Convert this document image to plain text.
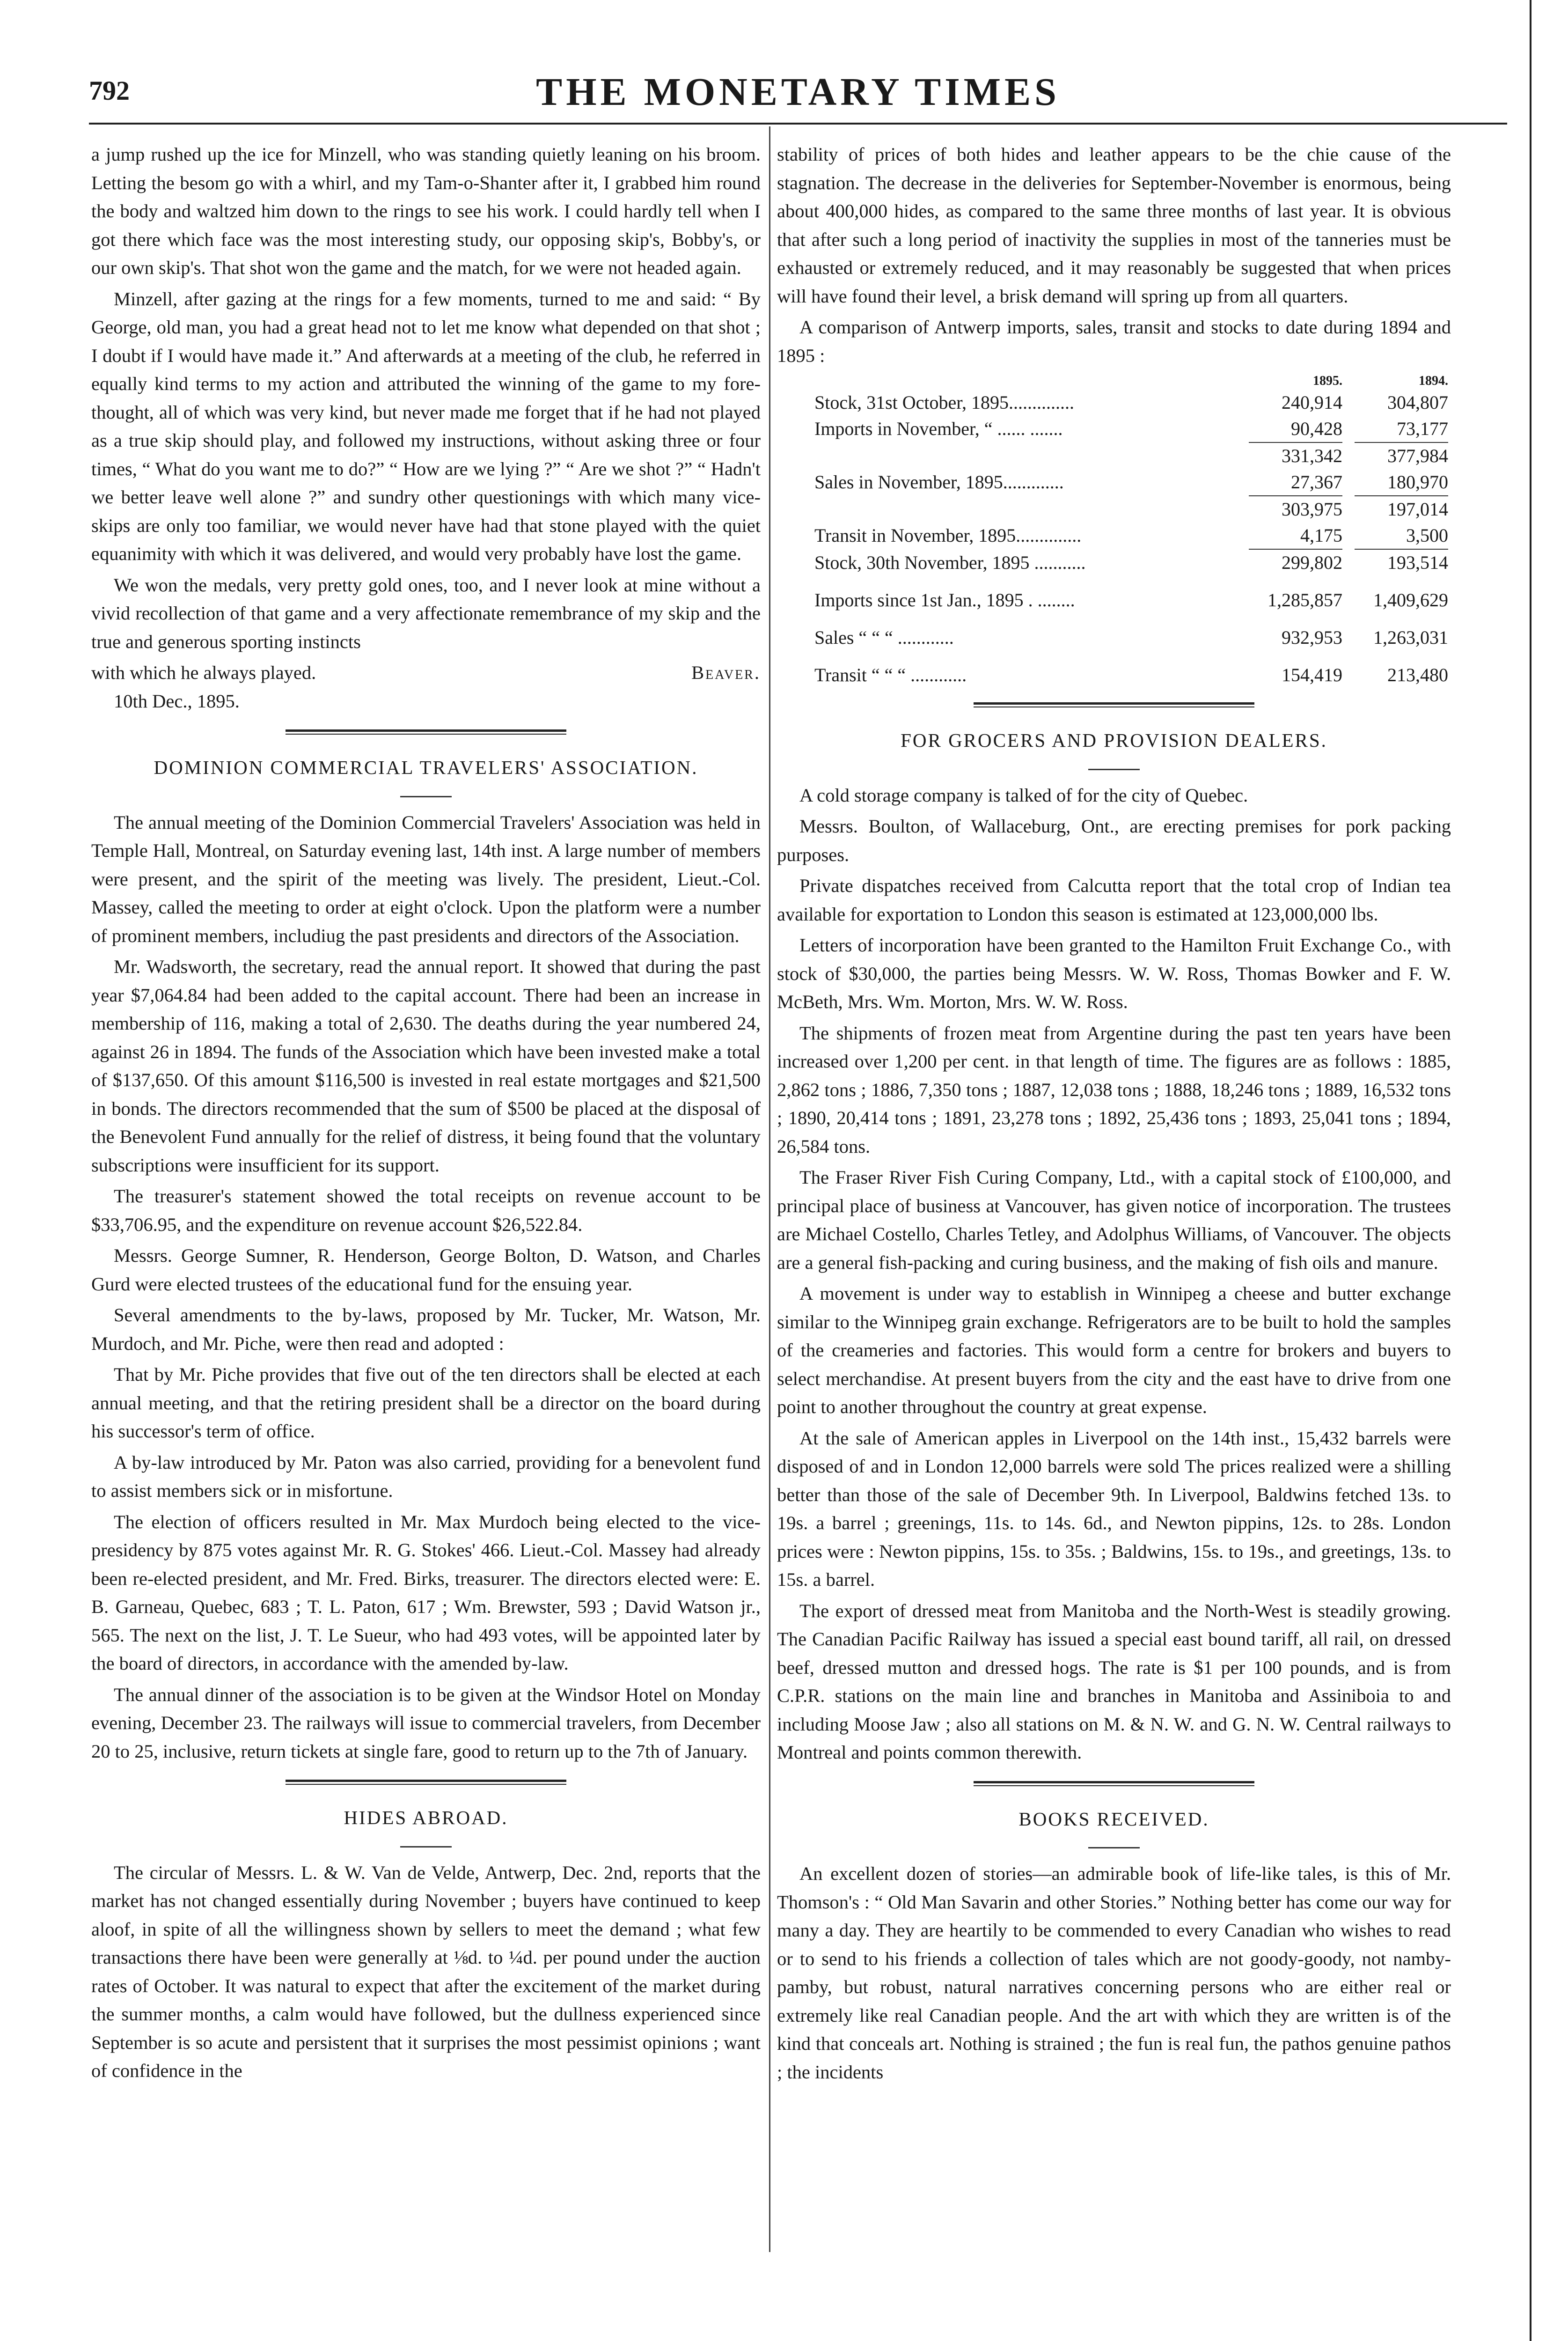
792	THE MONETARY TIMES

a jump rushed up the ice for Minzell, who was standing quietly leaning on his broom. Letting the besom go with a whirl, and my Tam-o-Shanter after it, I grabbed him round the body and waltzed him down to the rings to see his work. I could hardly tell when I got there which face was the most interesting study, our opposing skip's, Bobby's, or our own skip's. That shot won the game and the match, for we were not headed again.

Minzell, after gazing at the rings for a few moments, turned to me and said: “ By George, old man, you had a great head not to let me know what depended on that shot ; I doubt if I would have made it.” And afterwards at a meeting of the club, he referred in equally kind terms to my action and attributed the winning of the game to my fore-thought, all of which was very kind, but never made me forget that if he had not played as a true skip should play, and followed my instructions, without asking three or four times, “ What do you want me to do?” “ How are we lying ?” “ Are we shot ?” “ Hadn't we better leave well alone ?” and sundry other questionings with which many vice-skips are only too familiar, we would never have had that stone played with the quiet equanimity with which it was delivered, and would very probably have lost the game.

We won the medals, very pretty gold ones, too, and I never look at mine without a vivid recollection of that game and a very affectionate remembrance of my skip and the true and generous sporting instincts

with which he always played.	Beaver.

10th Dec., 1895.

DOMINION COMMERCIAL TRAVELERS' ASSOCIATION.

The annual meeting of the Dominion Commercial Travelers' Association was held in Temple Hall, Montreal, on Saturday evening last, 14th inst. A large number of members were present, and the spirit of the meeting was lively. The president, Lieut.-Col. Massey, called the meeting to order at eight o'clock. Upon the platform were a number of prominent members, includiug the past presidents and directors of the Association.

Mr. Wadsworth, the secretary, read the annual report. It showed that during the past year $7,064.84 had been added to the capital account. There had been an increase in membership of 116, making a total of 2,630. The deaths during the year numbered 24, against 26 in 1894. The funds of the Association which have been invested make a total of $137,650. Of this amount $116,500 is invested in real estate mortgages and $21,500 in bonds. The directors recommended that the sum of $500 be placed at the disposal of the Benevolent Fund annually for the relief of distress, it being found that the voluntary subscriptions were insufficient for its support.

The treasurer's statement showed the total receipts on revenue account to be $33,706.95, and the expenditure on revenue account $26,522.84.

Messrs. George Sumner, R. Henderson, George Bolton, D. Watson, and Charles Gurd were elected trustees of the educational fund for the ensuing year.

Several amendments to the by-laws, proposed by Mr. Tucker, Mr. Watson, Mr. Murdoch, and Mr. Piche, were then read and adopted :

That by Mr. Piche provides that five out of the ten directors shall be elected at each annual meeting, and that the retiring president shall be a director on the board during his successor's term of office.

A by-law introduced by Mr. Paton was also carried, providing for a benevolent fund to assist members sick or in misfortune.

The election of officers resulted in Mr. Max Murdoch being elected to the vice-presidency by 875 votes against Mr. R. G. Stokes' 466. Lieut.-Col. Massey had already been re-elected president, and Mr. Fred. Birks, treasurer. The directors elected were: E. B. Garneau, Quebec, 683 ; T. L. Paton, 617 ; Wm. Brewster, 593 ; David Watson jr., 565. The next on the list, J. T. Le Sueur, who had 493 votes, will be appointed later by the board of directors, in accordance with the amended by-law.

The annual dinner of the association is to be given at the Windsor Hotel on Monday evening, December 23. The railways will issue to commercial travelers, from December 20 to 25, inclusive, return tickets at single fare, good to return up to the 7th of January.

HIDES ABROAD.

The circular of Messrs. L. & W. Van de Velde, Antwerp, Dec. 2nd, reports that the market has not changed essentially during November ; buyers have continued to keep aloof, in spite of all the willingness shown by sellers to meet the demand ; what few transactions there have been were generally at ⅛d. to ¼d. per pound under the auction rates of October. It was natural to expect that after the excitement of the market during the summer months, a calm would have followed, but the dullness experienced since September is so acute and persistent that it surprises the most pessimist opinions ; want of confidence in the

stability of prices of both hides and leather appears to be the chie cause of the stagnation. The decrease in the deliveries for September-November is enormous, being about 400,000 hides, as compared to the same three months of last year. It is obvious that after such a long period of inactivity the supplies in most of the tanneries must be exhausted or extremely reduced, and it may reasonably be suggested that when prices will have found their level, a brisk demand will spring up from all quarters.

A comparison of Antwerp imports, sales, transit and stocks to date during 1894 and 1895 :

	1895.	1894.
Stock, 31st October, 1895..............	240,914	304,807
Imports in November, “ ...... .......	90,428	73,177
	331,342	377,984
Sales in November, 1895.............	27,367	180,970
	303,975	197,014
Transit in November, 1895..............	4,175	3,500
Stock, 30th November, 1895 ...........	299,802	193,514

Imports since 1st Jan., 1895 . ........	1,285,857	1,409,629

Sales “ “ “ ............	932,953	1,263,031

Transit “ “ “ ............	154,419	213,480
FOR GROCERS AND PROVISION DEALERS.

A cold storage company is talked of for the city of Quebec.

Messrs. Boulton, of Wallaceburg, Ont., are erecting premises for pork packing purposes.

Private dispatches received from Calcutta report that the total crop of Indian tea available for exportation to London this season is estimated at 123,000,000 lbs.

Letters of incorporation have been granted to the Hamilton Fruit Exchange Co., with stock of $30,000, the parties being Messrs. W. W. Ross, Thomas Bowker and F. W. McBeth, Mrs. Wm. Morton, Mrs. W. W. Ross.

The shipments of frozen meat from Argentine during the past ten years have been increased over 1,200 per cent. in that length of time. The figures are as follows : 1885, 2,862 tons ; 1886, 7,350 tons ; 1887, 12,038 tons ; 1888, 18,246 tons ; 1889, 16,532 tons ; 1890, 20,414 tons ; 1891, 23,278 tons ; 1892, 25,436 tons ; 1893, 25,041 tons ; 1894, 26,584 tons.

The Fraser River Fish Curing Company, Ltd., with a capital stock of £100,000, and principal place of business at Vancouver, has given notice of incorporation. The trustees are Michael Costello, Charles Tetley, and Adolphus Williams, of Vancouver. The objects are a general fish-packing and curing business, and the making of fish oils and manure.

A movement is under way to establish in Winnipeg a cheese and butter exchange similar to the Winnipeg grain exchange. Refrigerators are to be built to hold the samples of the creameries and factories. This would form a centre for brokers and buyers to select merchandise. At present buyers from the city and the east have to drive from one point to another throughout the country at great expense.

At the sale of American apples in Liverpool on the 14th inst., 15,432 barrels were disposed of and in London 12,000 barrels were sold The prices realized were a shilling better than those of the sale of December 9th. In Liverpool, Baldwins fetched 13s. to 19s. a barrel ; greenings, 11s. to 14s. 6d., and Newton pippins, 12s. to 28s. London prices were : Newton pippins, 15s. to 35s. ; Baldwins, 15s. to 19s., and greetings, 13s. to 15s. a barrel.

The export of dressed meat from Manitoba and the North-West is steadily growing. The Canadian Pacific Railway has issued a special east bound tariff, all rail, on dressed beef, dressed mutton and dressed hogs. The rate is $1 per 100 pounds, and is from C.P.R. stations on the main line and branches in Manitoba and Assiniboia to and including Moose Jaw ; also all stations on M. & N. W. and G. N. W. Central railways to Montreal and points common therewith.

BOOKS RECEIVED.

An excellent dozen of stories—an admirable book of life-like tales, is this of Mr. Thomson's : “ Old Man Savarin and other Stories.” Nothing better has come our way for many a day. They are heartily to be commended to every Canadian who wishes to read or to send to his friends a collection of tales which are not goody-goody, not namby-pamby, but robust, natural narratives concerning persons who are either real or extremely like real Canadian people. And the art with which they are written is of the kind that conceals art. Nothing is strained ; the fun is real fun, the pathos genuine pathos ; the incidents
